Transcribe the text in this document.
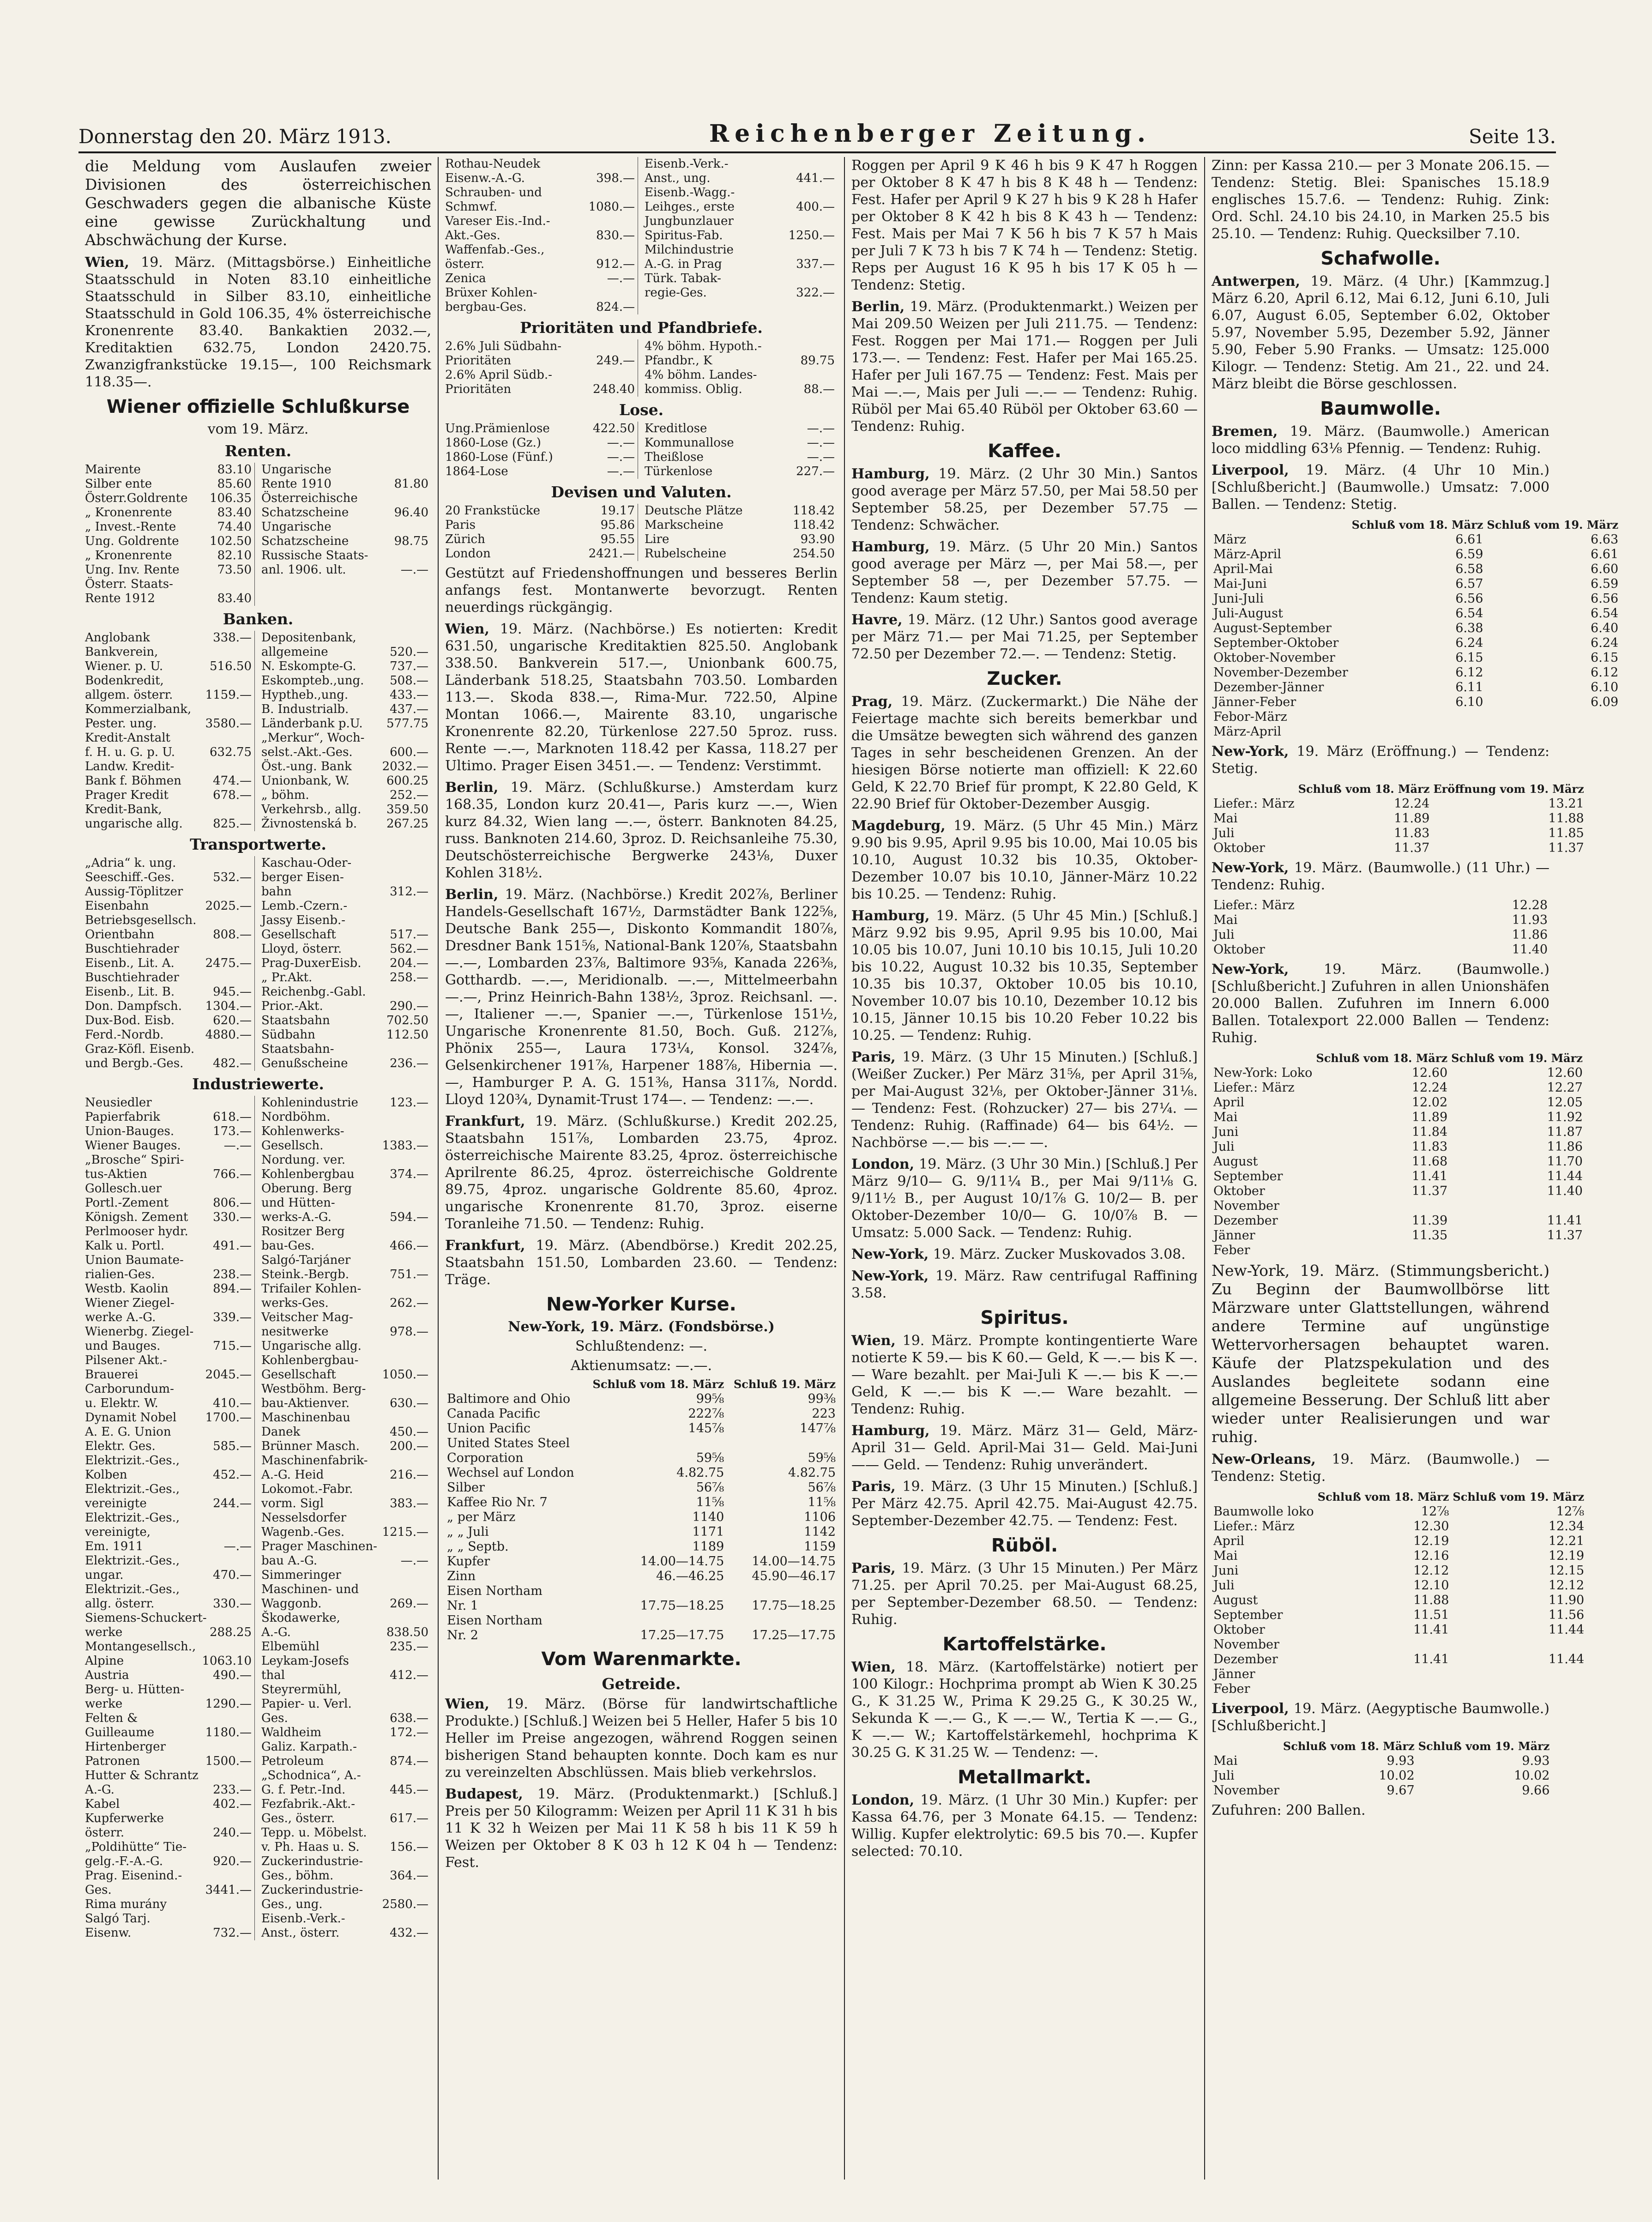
Donnerstag den 20. März 1913.	Reichenberger Zeitung.	Seite 13.

die Meldung vom Auslaufen zweier Divisionen des österreichischen Geschwaders gegen die albanische Küste eine gewisse Zurückhaltung und Abschwächung der Kurse.

Wien, 19. März. (Mittagsbörse.) Einheitliche Staatsschuld in Noten 83.10 einheitliche Staatsschuld in Silber 83.10, einheitliche Staatsschuld in Gold 106.35, 4% österreichische Kronenrente 83.40. Bankaktien 2032.—, Kreditaktien 632.75, London 2420.75. Zwanzigfrankstücke 19.15—, 100 Reichsmark 118.35—.

Wiener offizielle Schlußkurse
vom 19. März.
Renten.
Mairente	83.10
Silber ente	85.60
Österr.Goldrente 106.35
„ Kronenrente	83.40
„ Invest.-Rente	74.40
Ung. Goldrente	102.50
„ Kronenrente	82.10
Ung. Inv. Rente	73.50
Österr. Staats-
Rente 1912	83.40
Ungarische
Rente 1910	81.80
Österreichische
Schatzscheine	96.40
Ungarische
Schatzscheine	98.75
Russische Staats-
anl. 1906. ult.	—.—
Banken.
Anglobank	338.—
Bankverein,
Wiener. p. U.	516.50
Bodenkredit,
allgem. österr.	1159.—
Kommerzialbank,
Pester. ung.	3580.—
Kredit-Anstalt
f. H. u. G. p. U.	632.75
Landw. Kredit-
Bank f. Böhmen	474.—
Prager Kredit	678.—
Kredit-Bank,
ungarische allg.	825.—
Depositenbank,
allgemeine	520.—
N. Eskompte-G.	737.—
Eskompteb.,ung. 508.—
Hyptheb.,ung.	433.—
B. Industrialb.	437.—
Länderbank p.U. 577.75
„Merkur“, Woch-
selst.-Akt.-Ges.	600.—
Öst.-ung. Bank	2032.—
Unionbank, W.	600.25
„ böhm.	252.—
Verkehrsb., allg. 359.50
Živnostenská b. 267.25
Transportwerte.
„Adria“ k. ung.
Seeschiff.-Ges.	532.—
Aussig-Töplitzer
Eisenbahn	2025.—
Betriebsgesellsch.
Orientbahn	808.—
Buschtiehrader
Eisenb., Lit. A.	2475.—
Buschtiehrader
Eisenb., Lit. B.	945.—
Don. Dampfsch. 1304.—
Dux-Bod. Eisb.	620.—
Ferd.-Nordb.	4880.—
Graz-Köfl. Eisenb.
und Bergb.-Ges. 482.—
Kaschau-Oder-
berger Eisen-
bahn	312.—
Lemb.-Czern.-
Jassy Eisenb.-
Gesellschaft	517.—
Lloyd, österr.	562.—
Prag-DuxerEisb. 204.—
„ Pr.Akt.	258.—
Reichenbg.-Gabl.
Prior.-Akt.	290.—
Staatsbahn	702.50
Südbahn	112.50
Staatsbahn-
Genußscheine	236.—
Industriewerte.
Neusiedler
Papierfabrik	618.—
Union-Bauges.	173.—
Wiener Bauges.	—.—
„Brosche“ Spiri-
tus-Aktien	766.—
Gollesch.uer
Portl.-Zement	806.—
Königsh. Zement 330.—
Perlmooser hydr.
Kalk u. Portl.	491.—
Union Baumate-
rialien-Ges.	238.—
Westb. Kaolin	894.—
Wiener Ziegel-
werke A.-G.	339.—
Wienerbg. Ziegel-
und Bauges.	715.—
Pilsener Akt.-
Brauerei	2045.—
Carborundum-
u. Elektr. W.	410.—
Dynamit Nobel 1700.—
A. E. G. Union
Elektr. Ges.	585.—
Elektrizit.-Ges.,
Kolben	452.—
Elektrizit.-Ges.,
vereinigte	244.—
Elektrizit.-Ges.,
vereinigte,
Em. 1911	—.—
Elektrizit.-Ges.,
ungar.	470.—
Elektrizit.-Ges.,
allg. österr.	330.—
Siemens-Schuckert-
werke	288.25
Montangesellsch.,
Alpine	1063.10
Austria	490.—
Berg- u. Hütten-
werke	1290.—
Felten &
Guilleaume	1180.—
Hirtenberger
Patronen	1500.—
Hutter & Schrantz
A.-G.	233.—
Kabel	402.—
Kupferwerke
österr.	240.—
„Poldihütte“ Tie-
gelg.-F.-A.-G.	920.—
Prag. Eisenind.-
Ges.	3441.—
Rima murány
Salgó Tarj.
Eisenw.	732.—
Kohlenindustrie	123.—
Nordböhm.
Kohlenwerks-
Gesellsch.	1383.—
Nordung. ver.
Kohlenbergbau	374.—
Oberung. Berg
und Hütten-
werks-A.-G.	594.—
Rositzer Berg
bau-Ges.	466.—
Salgó-Tarjáner
Steink.-Bergb.	751.—
Trifailer Kohlen-
werks-Ges.	262.—
Veitscher Mag-
nesitwerke	978.—
Ungarische allg.
Kohlenbergbau-
Gesellschaft	1050.—
Westböhm. Berg-
bau-Aktienver.	630.—
Maschinenbau
Danek	450.—
Brünner Masch.	200.—
Maschinenfabrik-
A.-G. Heid	216.—
Lokomot.-Fabr.
vorm. Sigl	383.—
Nesselsdorfer
Wagenb.-Ges.	1215.—
Prager Maschinen-
bau A.-G.	—.—
Simmeringer
Maschinen- und
Waggonb.	269.—
Škodawerke,
A.-G.	838.50
Elbemühl	235.—
Leykam-Josefs
thal	412.—
Steyrermühl,
Papier- u. Verl.
Ges.	638.—
Waldheim	172.—
Galiz. Karpath.-
Petroleum	874.—
„Schodnica“, A.-
G. f. Petr.-Ind.	445.—
Fezfabrik.-Akt.-
Ges., österr.	617.—
Tepp. u. Möbelst.
v. Ph. Haas u. S.	156.—
Zuckerindustrie-
Ges., böhm.	364.—
Zuckerindustrie-
Ges., ung.	2580.—
Eisenb.-Verk.-
Anst., österr.	432.—
Rothau-Neudek
Eisenw.-A.-G.	398.—
Schrauben- und
Schmwf.	1080.—
Vareser Eis.-Ind.-
Akt.-Ges.	830.—
Waffenfab.-Ges.,
österr.	912.—
Zenica	—.—
Brüxer Kohlen-
bergbau-Ges.	824.—
Eisenb.-Verk.-
Anst., ung.	441.—
Eisenb.-Wagg.-
Leihges., erste	400.—
Jungbunzlauer
Spiritus-Fab.	1250.—
Milchindustrie
A.-G. in Prag	337.—
Türk. Tabak-
regie-Ges.	322.—
Prioritäten und Pfandbriefe.
2.6% Juli Südbahn-
Prioritäten	249.—
2.6% April Südb.-
Prioritäten	248.40
4% böhm. Hypoth.-
Pfandbr., K	89.75
4% böhm. Landes-
kommiss. Oblig.	88.—
Lose.
Ung.Prämienlose	422.50
1860-Lose (Gz.)	—.—
1860-Lose (Fünf.)	—.—
1864-Lose	—.—
Kreditlose	—.—
Kommunallose	—.—
Theißlose	—.—
Türkenlose	227.—
Devisen und Valuten.
20 Frankstücke	19.17
Paris	95.86
Zürich	95.55
London	2421.—
Deutsche Plätze	118.42
Markscheine	118.42
Lire	93.90
Rubelscheine	254.50

Gestützt auf Friedenshoffnungen und besseres Berlin anfangs fest. Montanwerte bevorzugt. Renten neuerdings rückgängig.

Wien, 19. März. (Nachbörse.) Es notierten: Kredit 631.50, ungarische Kreditaktien 825.50. Anglobank 338.50. Bankverein 517.—, Unionbank 600.75, Länderbank 518.25, Staatsbahn 703.50. Lombarden 113.—. Skoda 838.—, Rima-Mur. 722.50, Alpine Montan 1066.—, Mairente 83.10, ungarische Kronenrente 82.20, Türkenlose 227.50 5proz. russ. Rente —.—, Marknoten 118.42 per Kassa, 118.27 per Ultimo. Prager Eisen 3451.—. — Tendenz: Verstimmt.

Berlin, 19. März. (Schlußkurse.) Amsterdam kurz 168.35, London kurz 20.41—, Paris kurz —.—, Wien kurz 84.32, Wien lang —.—, österr. Banknoten 84.25, russ. Banknoten 214.60, 3proz. D. Reichsanleihe 75.30, Deutschösterreichische Bergwerke 243⅛, Duxer Kohlen 318½.

Berlin, 19. März. (Nachbörse.) Kredit 202⅞, Berliner Handels-Gesellschaft 167½, Darmstädter Bank 122⅝, Deutsche Bank 255—, Diskonto Kommandit 180⅞, Dresdner Bank 151⅝, National-Bank 120⅞, Staatsbahn —.—, Lombarden 23⅞, Baltimore 93⅝, Kanada 226⅜, Gotthardb. —.—, Meridionalb. —.—, Mittelmeerbahn —.—, Prinz Heinrich-Bahn 138½, 3proz. Reichsanl. —.—, Italiener —.—, Spanier —.—, Türkenlose 151½, Ungarische Kronenrente 81.50, Boch. Guß. 212⅞, Phönix 255—, Laura 173¼, Konsol. 324⅞, Gelsenkirchener 191⅞, Harpener 188⅞, Hibernia —.—, Hamburger P. A. G. 151⅜, Hansa 311⅞, Nordd. Lloyd 120¾, Dynamit-Trust 174—. — Tendenz: —.—.

Frankfurt, 19. März. (Schlußkurse.) Kredit 202.25, Staatsbahn 151⅞, Lombarden 23.75, 4proz. österreichische Mairente 83.25, 4proz. österreichische Aprilrente 86.25, 4proz. österreichische Goldrente 89.75, 4proz. ungarische Goldrente 85.60, 4proz. ungarische Kronenrente 81.70, 3proz. eiserne Toranleihe 71.50. — Tendenz: Ruhig.

Frankfurt, 19. März. (Abendbörse.) Kredit 202.25, Staatsbahn 151.50, Lombarden 23.60. — Tendenz: Träge.

New-Yorker Kurse.
New-York, 19. März. (Fondsbörse.)
Schlußtendenz: —.
Aktienumsatz: —.—.
	Schluß vom 18. März	Schluß 19. März
Baltimore and Ohio	99⅝	99⅜
Canada Pacific	222⅞	223
Union Pacific	145⅞	147⅞
United States Steel		
Corporation	59⅝	59⅝
Wechsel auf London	4.82.75	4.82.75
Silber	56⅞	56⅞
Kaffee Rio Nr. 7	11⅝	11⅝
„ per März	1140	1106
„ „ Juli	1171	1142
„ „ Septb.	1189	1159
Kupfer	14.00—14.75	14.00—14.75
Zinn	46.—46.25	45.90—46.17
Eisen Northam		
Nr. 1	17.75—18.25	17.75—18.25
Eisen Northam		
Nr. 2	17.25—17.75	17.25—17.75
Vom Warenmarkte.
Getreide.

Wien, 19. März. (Börse für landwirtschaftliche Produkte.) [Schluß.] Weizen bei 5 Heller, Hafer 5 bis 10 Heller im Preise angezogen, während Roggen seinen bisherigen Stand behaupten konnte. Doch kam es nur zu vereinzelten Abschlüssen. Mais blieb verkehrslos.

Budapest, 19. März. (Produktenmarkt.) [Schluß.] Preis per 50 Kilogramm: Weizen per April 11 K 31 h bis 11 K 32 h Weizen per Mai 11 K 58 h bis 11 K 59 h Weizen per Oktober 8 K 03 h 12 K 04 h — Tendenz: Fest.

Roggen per April 9 K 46 h bis 9 K 47 h Roggen per Oktober 8 K 47 h bis 8 K 48 h — Tendenz: Fest. Hafer per April 9 K 27 h bis 9 K 28 h Hafer per Oktober 8 K 42 h bis 8 K 43 h — Tendenz: Fest. Mais per Mai 7 K 56 h bis 7 K 57 h Mais per Juli 7 K 73 h bis 7 K 74 h — Tendenz: Stetig. Reps per August 16 K 95 h bis 17 K 05 h — Tendenz: Stetig.

Berlin, 19. März. (Produktenmarkt.) Weizen per Mai 209.50 Weizen per Juli 211.75. — Tendenz: Fest. Roggen per Mai 171.— Roggen per Juli 173.—. — Tendenz: Fest. Hafer per Mai 165.25. Hafer per Juli 167.75 — Tendenz: Fest. Mais per Mai —.—, Mais per Juli —.— — Tendenz: Ruhig. Rüböl per Mai 65.40 Rüböl per Oktober 63.60 — Tendenz: Ruhig.

Kaffee.

Hamburg, 19. März. (2 Uhr 30 Min.) Santos good average per März 57.50, per Mai 58.50 per September 58.25, per Dezember 57.75 — Tendenz: Schwächer.

Hamburg, 19. März. (5 Uhr 20 Min.) Santos good average per März —, per Mai 58.—, per September 58 —, per Dezember 57.75. — Tendenz: Kaum stetig.

Havre, 19. März. (12 Uhr.) Santos good average per März 71.— per Mai 71.25, per September 72.50 per Dezember 72.—. — Tendenz: Stetig.

Zucker.

Prag, 19. März. (Zuckermarkt.) Die Nähe der Feiertage machte sich bereits bemerkbar und die Umsätze bewegten sich während des ganzen Tages in sehr bescheidenen Grenzen. An der hiesigen Börse notierte man offiziell: K 22.60 Geld, K 22.70 Brief für prompt, K 22.80 Geld, K 22.90 Brief für Oktober-Dezember Ausgig.

Magdeburg, 19. März. (5 Uhr 45 Min.) März 9.90 bis 9.95, April 9.95 bis 10.00, Mai 10.05 bis 10.10, August 10.32 bis 10.35, Oktober-Dezember 10.07 bis 10.10, Jänner-März 10.22 bis 10.25. — Tendenz: Ruhig.

Hamburg, 19. März. (5 Uhr 45 Min.) [Schluß.] März 9.92 bis 9.95, April 9.95 bis 10.00, Mai 10.05 bis 10.07, Juni 10.10 bis 10.15, Juli 10.20 bis 10.22, August 10.32 bis 10.35, September 10.35 bis 10.37, Oktober 10.05 bis 10.10, November 10.07 bis 10.10, Dezember 10.12 bis 10.15, Jänner 10.15 bis 10.20 Feber 10.22 bis 10.25. — Tendenz: Ruhig.

Paris, 19. März. (3 Uhr 15 Minuten.) [Schluß.] (Weißer Zucker.) Per März 31⅝, per April 31⅝, per Mai-August 32⅛, per Oktober-Jänner 31⅛. — Tendenz: Fest. (Rohzucker) 27— bis 27¼. — Tendenz: Ruhig. (Raffinade) 64— bis 64½. — Nachbörse —.— bis —.— —.

London, 19. März. (3 Uhr 30 Min.) [Schluß.] Per März 9/10— G. 9/11¼ B., per Mai 9/11⅛ G. 9/11½ B., per August 10/1⅞ G. 10/2— B. per Oktober-Dezember 10/0— G. 10/0⅞ B. — Umsatz: 5.000 Sack. — Tendenz: Ruhig.

New-York, 19. März. Zucker Muskovados 3.08.

New-York, 19. März. Raw centrifugal Raffining 3.58.

Spiritus.

Wien, 19. März. Prompte kontingentierte Ware notierte K 59.— bis K 60.— Geld, K —.— bis K —.— Ware bezahlt. per Mai-Juli K —.— bis K —.— Geld, K —.— bis K —.— Ware bezahlt. — Tendenz: Ruhig.

Hamburg, 19. März. März 31— Geld, März-April 31— Geld. April-Mai 31— Geld. Mai-Juni —— Geld. — Tendenz: Ruhig unverändert.

Paris, 19. März. (3 Uhr 15 Minuten.) [Schluß.] Per März 42.75. April 42.75. Mai-August 42.75. September-Dezember 42.75. — Tendenz: Fest.

Rüböl.

Paris, 19. März. (3 Uhr 15 Minuten.) Per März 71.25. per April 70.25. per Mai-August 68.25, per September-Dezember 68.50. — Tendenz: Ruhig.

Kartoffelstärke.

Wien, 18. März. (Kartoffelstärke) notiert per 100 Kilogr.: Hochprima prompt ab Wien K 30.25 G., K 31.25 W., Prima K 29.25 G., K 30.25 W., Sekunda K —.— G., K —.— W., Tertia K —.— G., K —.— W.; Kartoffelstärkemehl, hochprima K 30.25 G. K 31.25 W. — Tendenz: —.

Metallmarkt.

London, 19. März. (1 Uhr 30 Min.) Kupfer: per Kassa 64.76, per 3 Monate 64.15. — Tendenz: Willig. Kupfer elektrolytic: 69.5 bis 70.—. Kupfer selected: 70.10.

Zinn: per Kassa 210.— per 3 Monate 206.15. — Tendenz: Stetig. Blei: Spanisches 15.18.9 englisches 15.7.6. — Tendenz: Ruhig. Zink: Ord. Schl. 24.10 bis 24.10, in Marken 25.5 bis 25.10. — Tendenz: Ruhig. Quecksilber 7.10.

Schafwolle.

Antwerpen, 19. März. (4 Uhr.) [Kammzug.] März 6.20, April 6.12, Mai 6.12, Juni 6.10, Juli 6.07, August 6.05, September 6.02, Oktober 5.97, November 5.95, Dezember 5.92, Jänner 5.90, Feber 5.90 Franks. — Umsatz: 125.000 Kilogr. — Tendenz: Stetig. Am 21., 22. und 24. März bleibt die Börse geschlossen.

Baumwolle.

Bremen, 19. März. (Baumwolle.) American loco middling 63⅛ Pfennig. — Tendenz: Ruhig.

Liverpool, 19. März. (4 Uhr 10 Min.) [Schlußbericht.] (Baumwolle.) Umsatz: 7.000 Ballen. — Tendenz: Stetig.

	Schluß vom 18. März	Schluß vom 19. März
März	6.61	6.63
März-April	6.59	6.61
April-Mai	6.58	6.60
Mai-Juni	6.57	6.59
Juni-Juli	6.56	6.56
Juli-August	6.54	6.54
August-September	6.38	6.40
September-Oktober	6.24	6.24
Oktober-November	6.15	6.15
November-Dezember	6.12	6.12
Dezember-Jänner	6.11	6.10
Jänner-Feber	6.10	6.09
Febor-März		
März-April		

New-York, 19. März (Eröffnung.) — Tendenz: Stetig.

	Schluß vom 18. März	Eröffnung vom 19. März
Liefer.: März	12.24	13.21
Mai	11.89	11.88
Juli	11.83	11.85
Oktober	11.37	11.37

New-York, 19. März. (Baumwolle.) (11 Uhr.) — Tendenz: Ruhig.

Liefer.: März		12.28
Mai		11.93
Juli		11.86
Oktober		11.40

New-York,	19. März. (Baumwolle.) [Schlußbericht.] Zufuhren in allen Unionshäfen 20.000 Ballen. Zufuhren im Innern 6.000 Ballen. Totalexport 22.000 Ballen — Tendenz: Ruhig.

	Schluß vom 18. März	Schluß vom 19. März
New-York: Loko	12.60	12.60
Liefer.: März	12.24	12.27
April	12.02	12.05
Mai	11.89	11.92
Juni	11.84	11.87
Juli	11.83	11.86
August	11.68	11.70
September	11.41	11.44
Oktober	11.37	11.40
November		
Dezember	11.39	11.41
Jänner	11.35	11.37
Feber		

New-York, 19. März. (Stimmungsbericht.) Zu Beginn der Baumwollbörse litt Märzware unter Glattstellungen, während andere Termine auf ungünstige Wettervorhersagen behauptet waren. Käufe der Platzspekulation und des Auslandes begleitete sodann eine allgemeine Besserung. Der Schluß litt aber wieder unter Realisierungen und war ruhig.

New-Orleans, 19. März. (Baumwolle.) — Tendenz: Stetig.

	Schluß vom 18. März	Schluß vom 19. März
Baumwolle loko	12⅞	12⅞
Liefer.: März	12.30	12.34
April	12.19	12.21
Mai	12.16	12.19
Juni	12.12	12.15
Juli	12.10	12.12
August	11.88	11.90
September	11.51	11.56
Oktober	11.41	11.44
November		
Dezember	11.41	11.44
Jänner		
Feber		

Liverpool, 19. März. (Aegyptische Baumwolle.) [Schlußbericht.]

	Schluß vom 18. März	Schluß vom 19. März
Mai	9.93	9.93
Juli	10.02	10.02
November	9.67	9.66

Zufuhren: 200 Ballen.
